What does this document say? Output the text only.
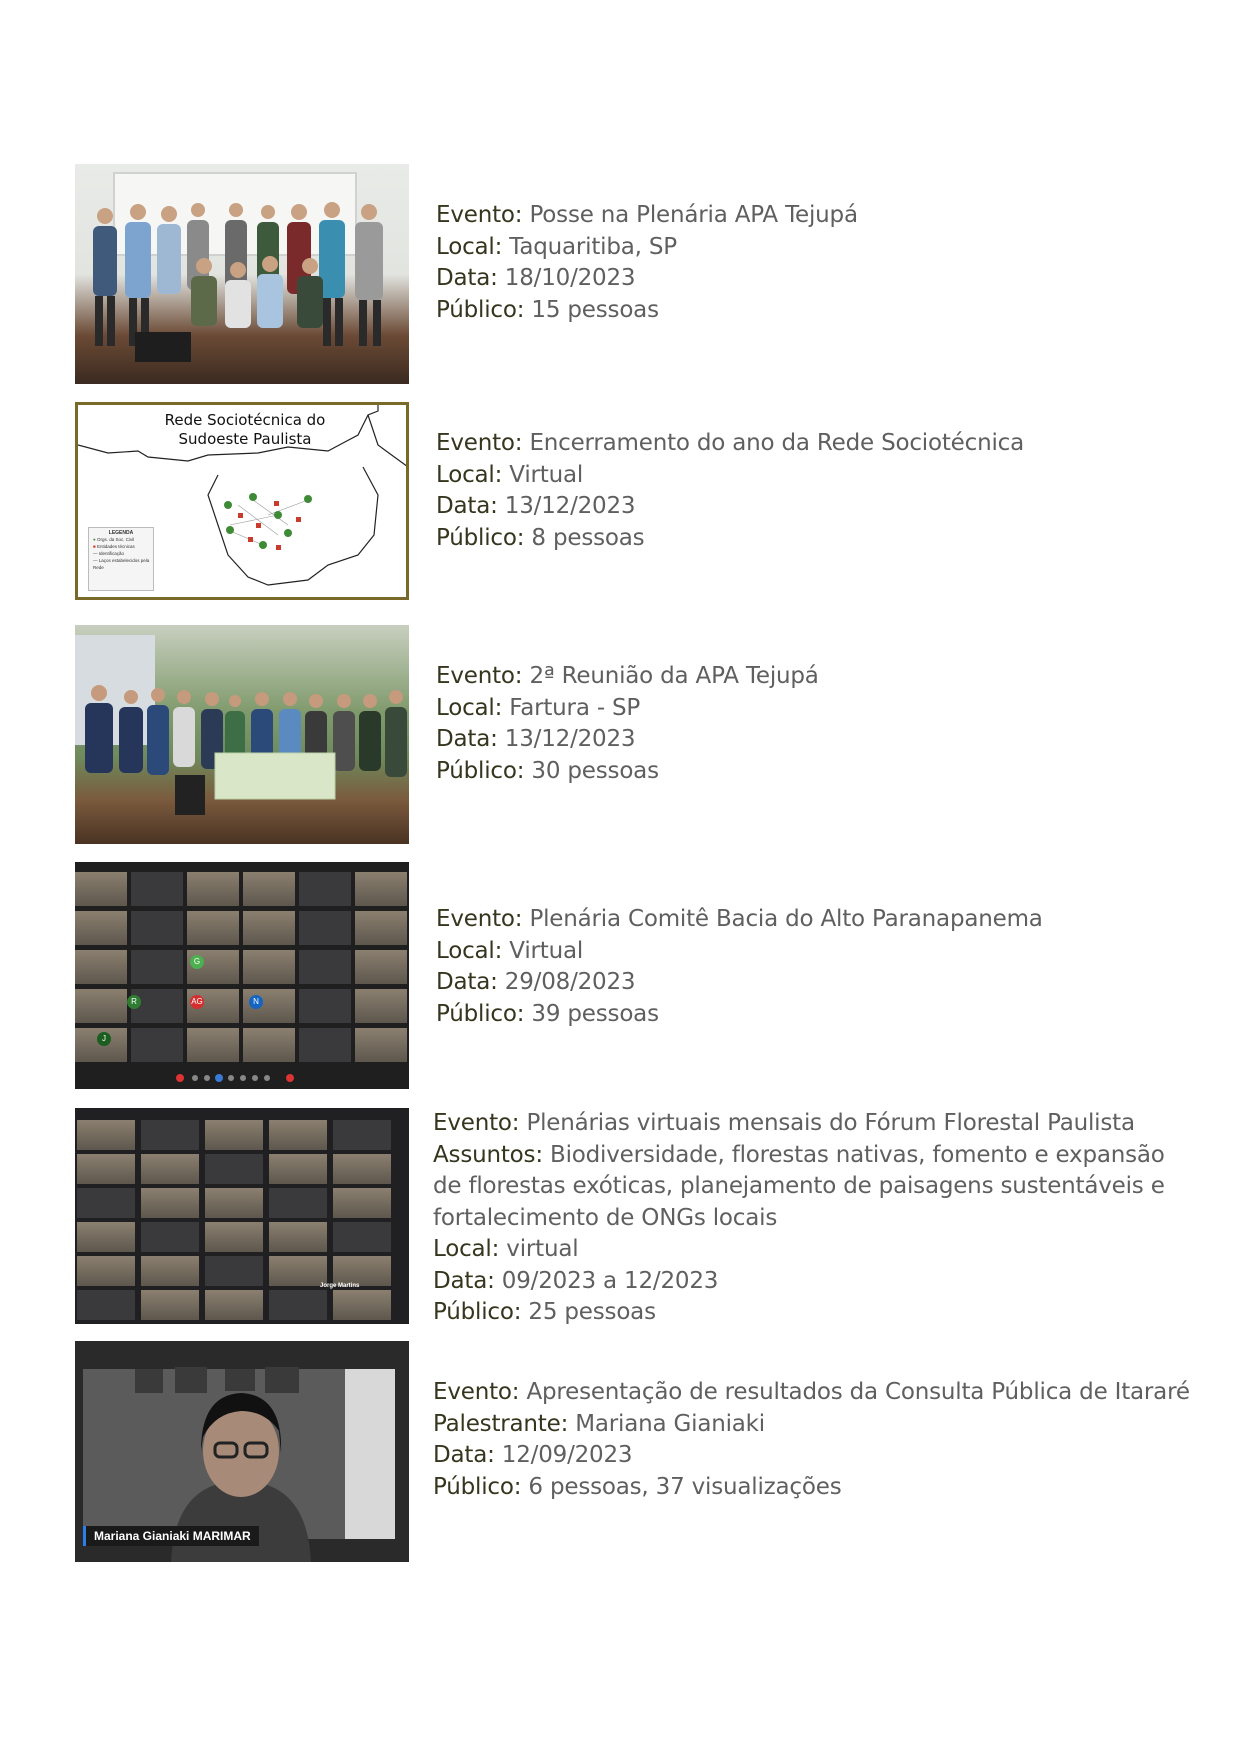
Evento: Posse na Plenária APA Tejupá
Local: Taquaritiba, SP
Data: 18/10/2023
Público: 15 pessoas
Rede Sociotécnica do
Sudoeste Paulista
LEGENDA
● Orgs. da Soc. Civil
■ Entidades técnicas
— Identificação
— Laços estabelecidos pela Rede
Evento: Encerramento do ano da Rede Sociotécnica
Local: Virtual
Data: 13/12/2023
Público: 8 pessoas
Evento: 2ª Reunião da APA Tejupá
Local: Fartura - SP
Data: 13/12/2023
Público: 30 pessoas
G
R	AG	N
J
Evento: Plenária Comitê Bacia do Alto Paranapanema
Local: Virtual
Data: 29/08/2023
Público: 39 pessoas
Jorge Martins
Evento: Plenárias virtuais mensais do Fórum Florestal Paulista
Assuntos: Biodiversidade, florestas nativas, fomento e expansão
de florestas exóticas, planejamento de paisagens sustentáveis e
fortalecimento de ONGs locais
Local: virtual
Data: 09/2023 a 12/2023
Público: 25 pessoas
Mariana Gianiaki MARIMAR
Evento: Apresentação de resultados da Consulta Pública de Itararé
Palestrante: Mariana Gianiaki
Data: 12/09/2023
Público: 6 pessoas, 37 visualizações
